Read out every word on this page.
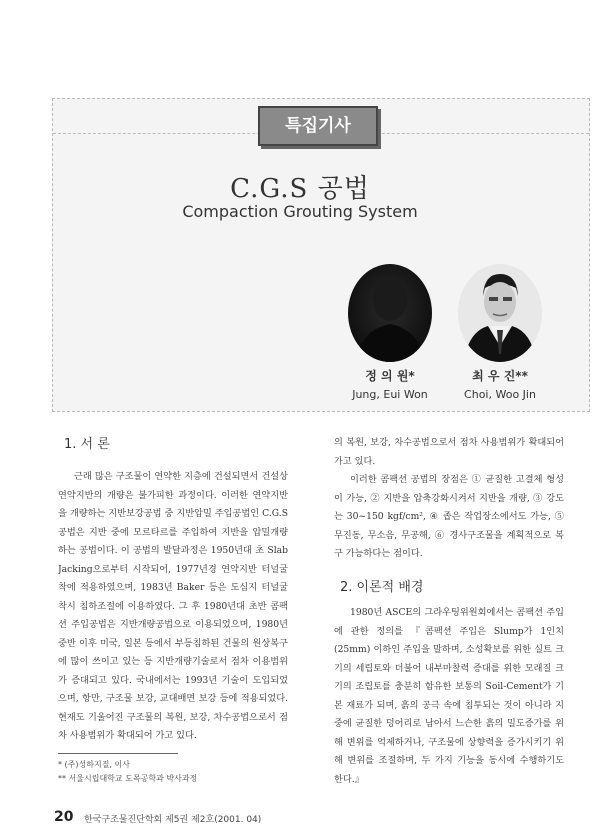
특집기사
C.G.S 공법
Compaction Grouting System
정 의 원*
Jung, Eui Won
최 우 진**
Choi, Woo Jin
1. 서 론

근래 많은 구조물이 연약한 지층에 건설되면서 건설상 연약지반의 개량은 불가피한 과정이다. 이러한 연약지반을 개량하는 지반보강공법 중 지반압밀 주입공법인 C.G.S공법은 지반 중에 모르타르를 주입하여 지반을 압밀개량하는 공법이다. 이 공법의 발달과정은 1950년대 초 Slab Jacking으로부터 시작되어, 1977년경 연약지반 터널굴착에 적용하였으며, 1983년 Baker 등은 도심지 터널굴착시 침하조절에 이용하였다. 그 후 1980년대 초반 콤팩션 주입공법은 지반개량공법으로 이용되었으며, 1980년 중반 이후 미국, 일본 등에서 부등침하된 건물의 원상복구에 많이 쓰이고 있는 등 지반개량기술로서 점차 이용범위가 증대되고 있다. 국내에서는 1993년 기술이 도입되었으며, 항만, 구조물 보강, 교대배면 보강 등에 적용되었다. 현재도 기울어진 구조물의 복원, 보강, 차수공법으로서 점차 사용범위가 확대되어 가고 있다.

의 복원, 보강, 차수공법으로서 점차 사용범위가 확대되어 가고 있다.

이러한 콤팩션 공법의 장점은 ① 균질한 고결체 형성이 가능, ② 지반을 압축강화시켜서 지반을 개량, ③ 강도는 30~150 kgf/cm², ④ 좁은 작업장소에서도 가능, ⑤ 무진동, 무소음, 무공해, ⑥ 경사구조물을 계획적으로 복구 가능하다는 점이다.

2. 이론적 배경

1980년 ASCE의 그라우팅위원회에서는 콤팩션 주입에 관한 정의를 『콤팩션 주입은 Slump가 1인치(25mm) 이하인 주입을 말하며, 소성확보를 위한 실트 크기의 세립토와 더불어 내부마찰력 증대를 위한 모래질 크기의 조립토를 충분히 함유한 보통의 Soil-Cement가 기본 재료가 되며, 흙의 공극 속에 침투되는 것이 아니라 지중에 균질한 덩어리로 남아서 느슨한 흙의 밀도증가를 위해 변위를 억제하거나, 구조물에 상향력을 증가시키기 위해 변위를 조절하며, 두 가지 기능을 동시에 수행하기도 한다.』

* (주)성하지질, 이사
** 서울시립대학교 도목공학과 박사과정
20 한국구조물진단학회 제5권 제2호(2001. 04)
